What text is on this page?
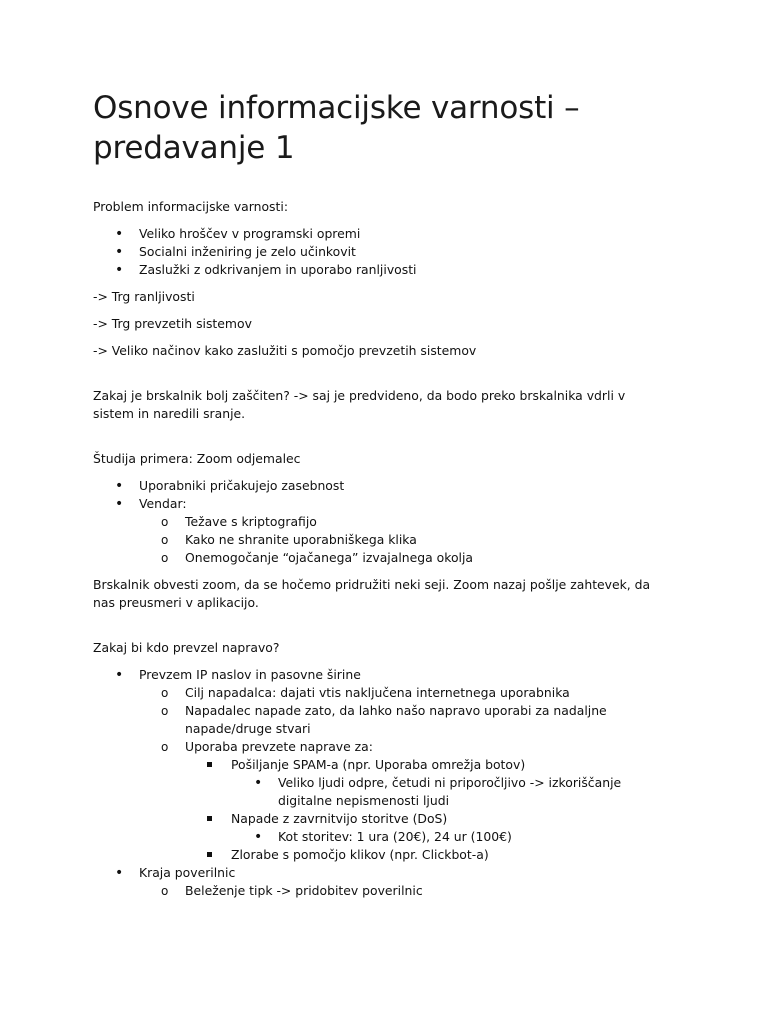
Osnove informacijske varnosti – predavanje 1

Problem informacijske varnosti:

•
Veliko hroščev v programski opremi
•
Socialni inženiring je zelo učinkovit
•
Zaslužki z odkrivanjem in uporabo ranljivosti

-> Trg ranljivosti

-> Trg prevzetih sistemov

-> Veliko načinov kako zaslužiti s pomočjo prevzetih sistemov

Zakaj je brskalnik bolj zaščiten? -> saj je predvideno, da bodo preko brskalnika vdrli v sistem in naredili sranje.

Študija primera: Zoom odjemalec

•
Uporabniki pričakujejo zasebnost
•
Vendar:
o
Težave s kriptografijo
o
Kako ne shranite uporabniškega klika
o
Onemogočanje “ojačanega” izvajalnega okolja

Brskalnik obvesti zoom, da se hočemo pridružiti neki seji. Zoom nazaj pošlje zahtevek, da nas preusmeri v aplikacijo.

Zakaj bi kdo prevzel napravo?

•
Prevzem IP naslov in pasovne širine
o
Cilj napadalca: dajati vtis naključena internetnega uporabnika
o
Napadalec napade zato, da lahko našo napravo uporabi za nadaljne napade/druge stvari
o
Uporaba prevzete naprave za:
Pošiljanje SPAM-a (npr. Uporaba omrežja botov)
•
Veliko ljudi odpre, četudi ni priporočljivo -> izkoriščanje digitalne nepismenosti ljudi
Napade z zavrnitvijo storitve (DoS)
•
Kot storitev: 1 ura (20€), 24 ur (100€)
Zlorabe s pomočjo klikov (npr. Clickbot-a)
•
Kraja poverilnic
o
Beleženje tipk -> pridobitev poverilnic
